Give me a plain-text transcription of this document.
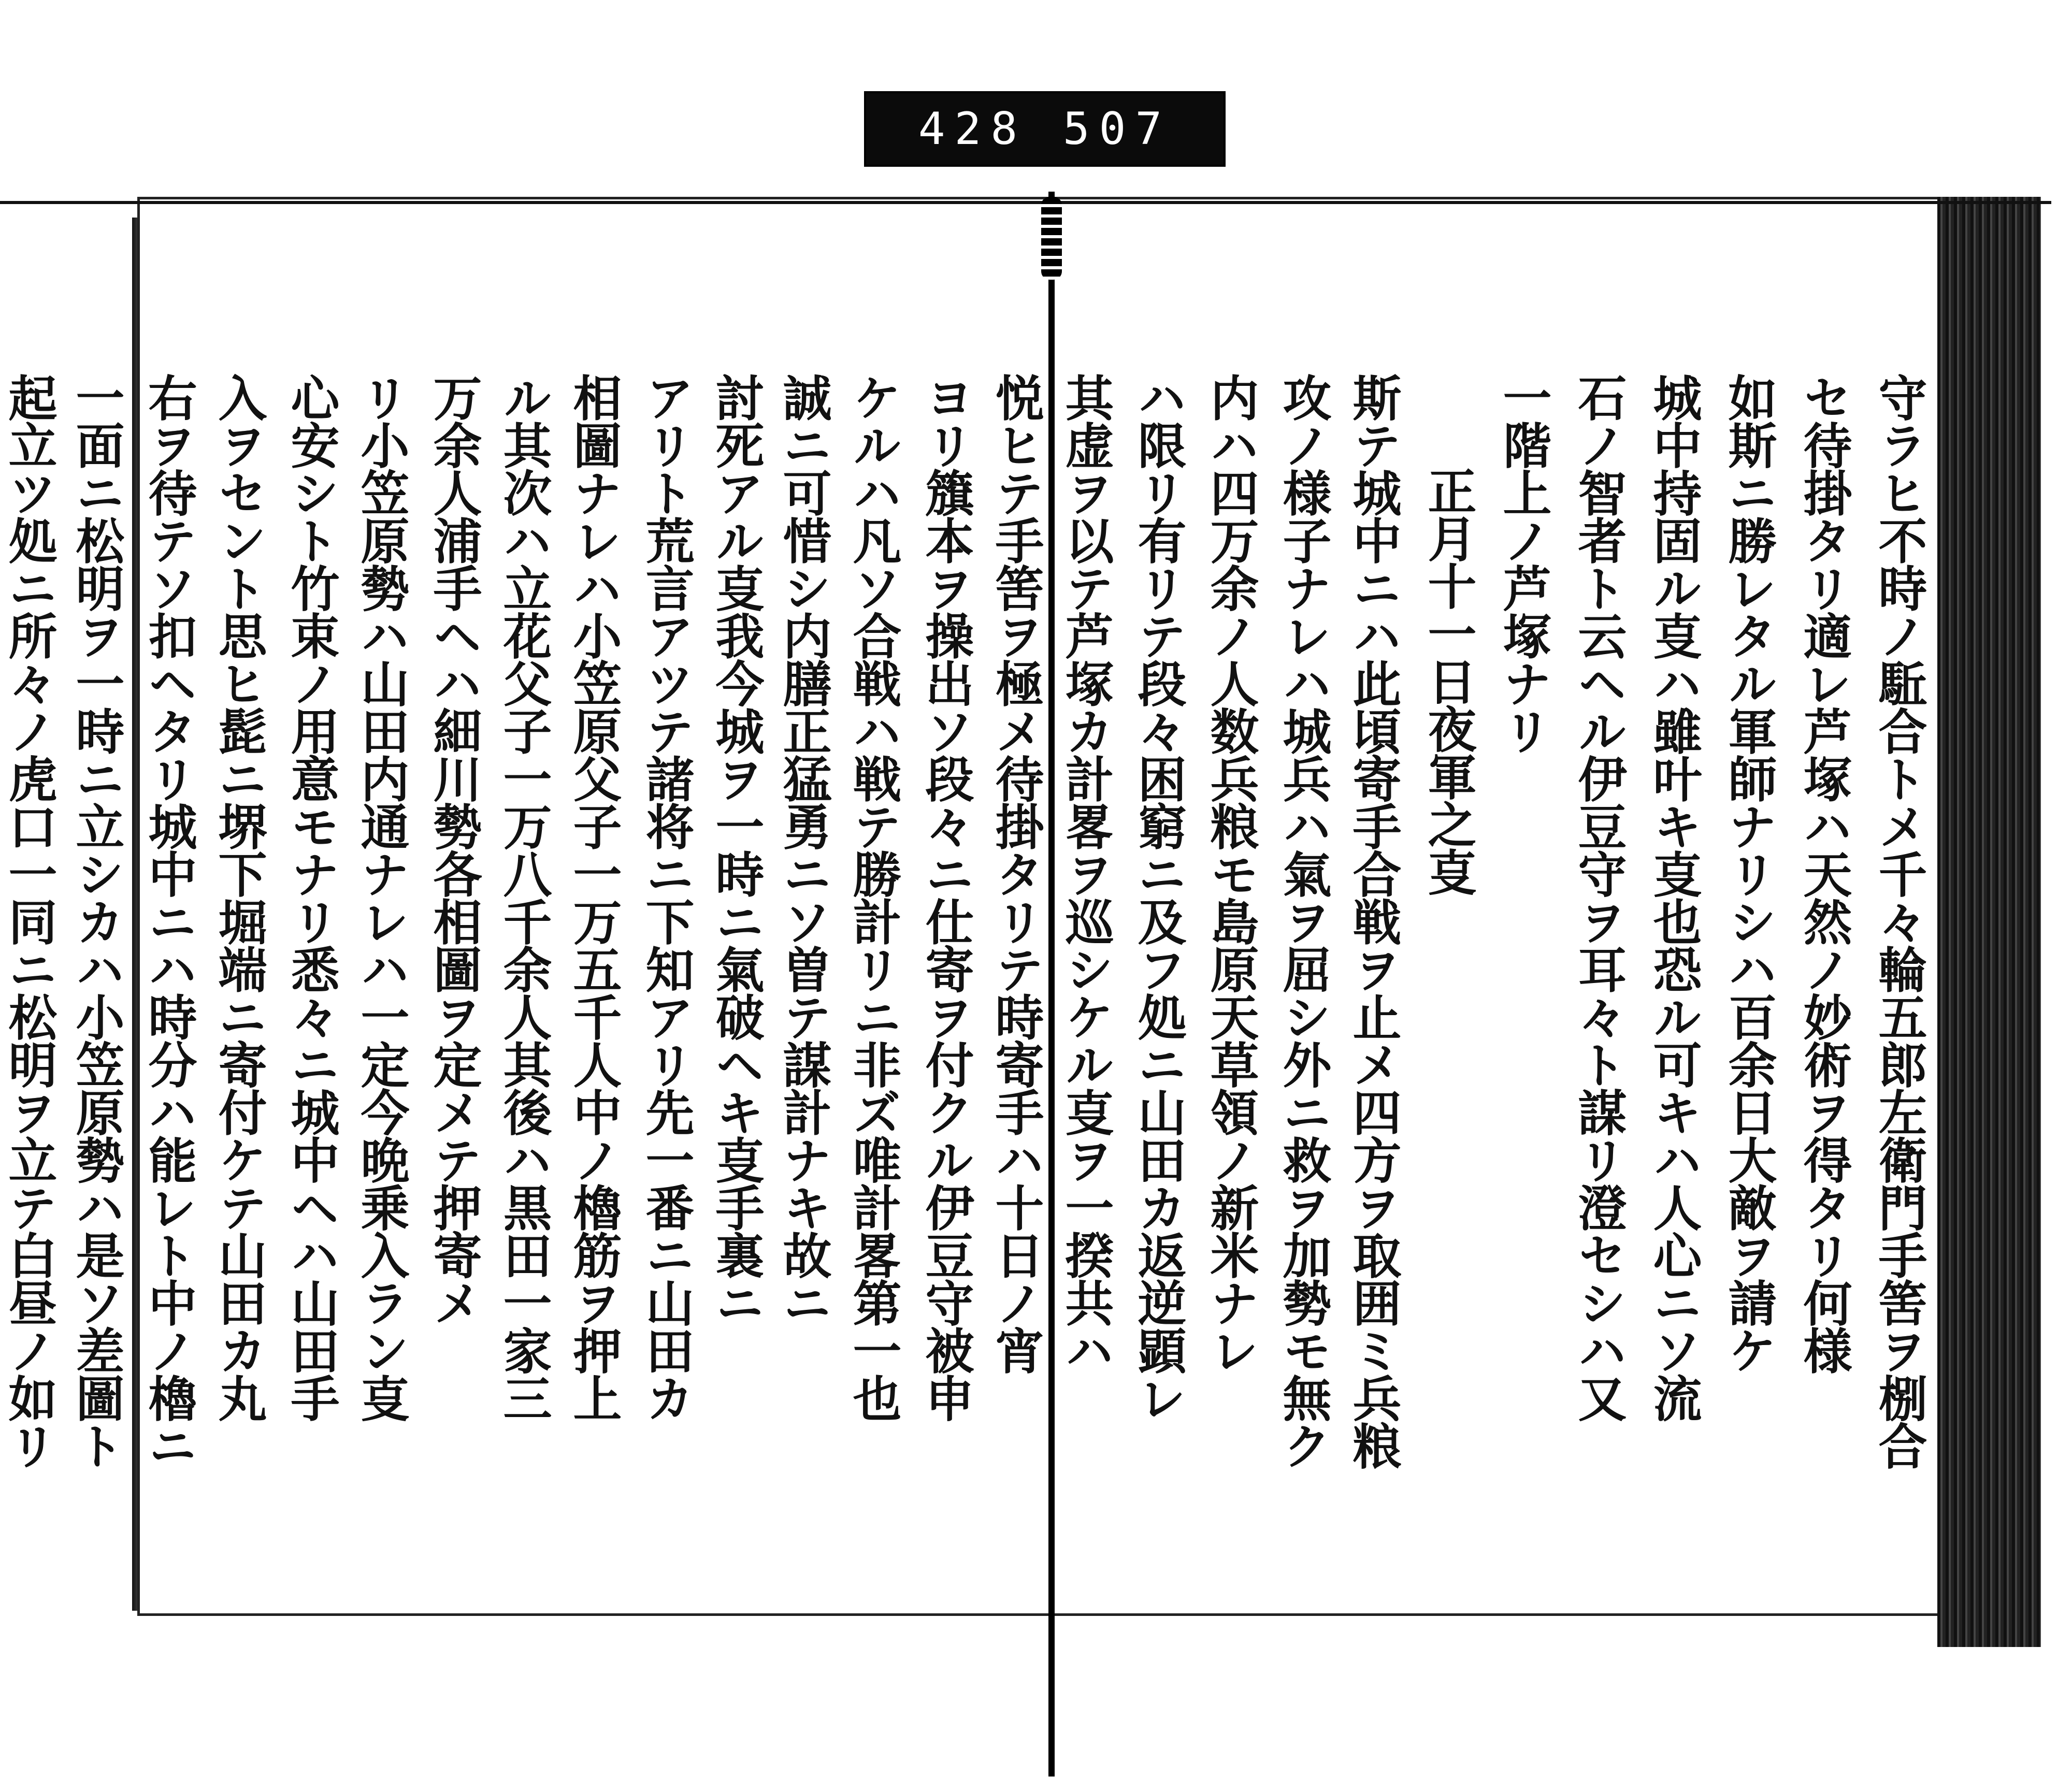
428 507
守ラヒ不時ノ駈合トメ千々輪五郎左衛門手筈ヲ㭭合
セ待掛タリ適レ芦塚ハ天然ノ妙術ヲ得タリ何様
如斯ニ勝レタル軍師ナリシハ百余日大敵ヲ請ケ
城中持固ル㕝ハ雖叶キ㕝也恐ル可キハ人心ニソ流
石ノ智者ト云ヘル伊豆守ヲ耳々ト謀リ澄セシハ又
一階上ノ芦塚ナリ
正月十一日夜軍之㕝
斯テ城中ニハ此頃寄手合戦ヲ止メ四方ヲ取囲ミ兵粮
攻ノ様子ナレハ城兵ハ氣ヲ屈シ外ニ救ヲ加勢モ無ク
内ハ四万余ノ人数兵粮モ島原天草領ノ新米ナレ
ハ限リ有リテ段々困窮ニ及フ処ニ山田カ返逆顕レ
其虚ヲ以テ芦塚カ計畧ヲ巡シケル㕝ヲ一揆共ハ
悦ヒテ手筈ヲ極メ待掛タリテ時寄手ハ十日ノ宵
ヨリ籏本ヲ操出ソ段々ニ仕寄ヲ付クル伊豆守被申
ケルハ凡ソ合戦ハ戦テ勝計リニ非ズ唯計畧第一也
誠ニ可惜シ内膳正猛勇ニソ曽テ謀計ナキ故ニ
討死アル㕝我今城ヲ一時ニ氣破ヘキ㕝手裏ニ
アリト荒言アツテ諸将ニ下知アリ先一番ニ山田カ
相圖ナレハ小笠原父子一万五千人中ノ櫓筋ヲ押上
ル其次ハ立花父子一万八千余人其後ハ黒田一家三
万余人浦手ヘハ細川勢各相圖ヲ定メテ押寄メ
リ小笠原勢ハ山田内通ナレハ一定今晩乗入ラン㕝
心安シト竹束ノ用意モナリ悉々ニ城中ヘハ山田手
入ヲセント思ヒ髭ニ堺下堀端ニ寄付ケテ山田カ丸
右ヲ待テソ扣ヘタリ城中ニハ時分ハ能レト中ノ櫓ニ
一面ニ松明ヲ一時ニ立シカハ小笠原勢ハ是ソ差圖ト
起立ツ処ニ所々ノ虎口一同ニ松明ヲ立テ白昼ノ如リ
